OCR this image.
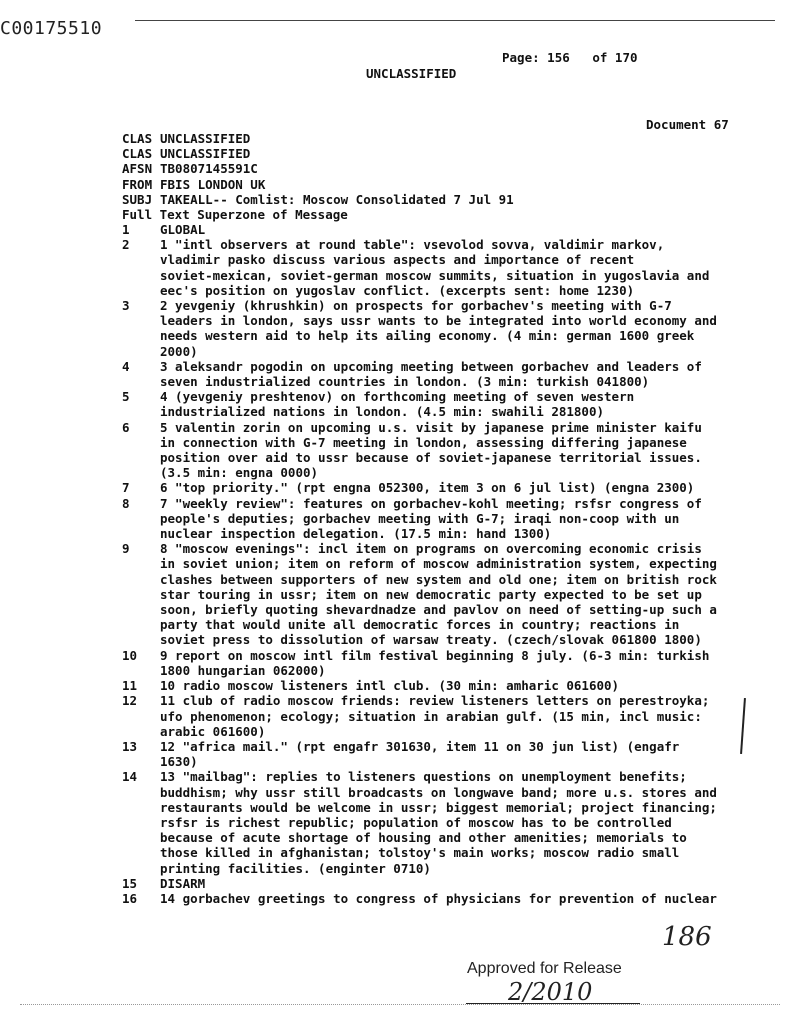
C00175510
Page: 156 of 170
UNCLASSIFIED
Document 67
CLAS UNCLASSIFIED
CLAS UNCLASSIFIED
AFSN TB0807145591C
FROM FBIS LONDON UK
SUBJ TAKEALL-- Comlist: Moscow Consolidated 7 Jul 91
Full Text Superzone of Message
1	GLOBAL
2	1 "intl observers at round table": vsevolod sovva, valdimir markov,
vladimir pasko discuss various aspects and importance of recent
soviet-mexican, soviet-german moscow summits, situation in yugoslavia and
eec's position on yugoslav conflict. (excerpts sent: home 1230)
3	2 yevgeniy (khrushkin) on prospects for gorbachev's meeting with G-7
leaders in london, says ussr wants to be integrated into world economy and
needs western aid to help its ailing economy. (4 min: german 1600 greek
2000)
4	3 aleksandr pogodin on upcoming meeting between gorbachev and leaders of
seven industrialized countries in london. (3 min: turkish 041800)
5	4 (yevgeniy preshtenov) on forthcoming meeting of seven western
industrialized nations in london. (4.5 min: swahili 281800)
6	5 valentin zorin on upcoming u.s. visit by japanese prime minister kaifu
in connection with G-7 meeting in london, assessing differing japanese
position over aid to ussr because of soviet-japanese territorial issues.
(3.5 min: engna 0000)
7	6 "top priority." (rpt engna 052300, item 3 on 6 jul list) (engna 2300)
8	7 "weekly review": features on gorbachev-kohl meeting; rsfsr congress of
people's deputies; gorbachev meeting with G-7; iraqi non-coop with un
nuclear inspection delegation. (17.5 min: hand 1300)
9	8 "moscow evenings": incl item on programs on overcoming economic crisis
in soviet union; item on reform of moscow administration system, expecting
clashes between supporters of new system and old one; item on british rock
star touring in ussr; item on new democratic party expected to be set up
soon, briefly quoting shevardnadze and pavlov on need of setting-up such a
party that would unite all democratic forces in country; reactions in
soviet press to dissolution of warsaw treaty. (czech/slovak 061800 1800)
10	9 report on moscow intl film festival beginning 8 july. (6-3 min: turkish
1800 hungarian 062000)
11	10 radio moscow listeners intl club. (30 min: amharic 061600)
12	11 club of radio moscow friends: review listeners letters on perestroyka;
ufo phenomenon; ecology; situation in arabian gulf. (15 min, incl music:
arabic 061600)
13	12 "africa mail." (rpt engafr 301630, item 11 on 30 jun list) (engafr
1630)
14	13 "mailbag": replies to listeners questions on unemployment benefits;
buddhism; why ussr still broadcasts on longwave band; more u.s. stores and
restaurants would be welcome in ussr; biggest memorial; project financing;
rsfsr is richest republic; population of moscow has to be controlled
because of acute shortage of housing and other amenities; memorials to
those killed in afghanistan; tolstoy's main works; moscow radio small
printing facilities. (enginter 0710)
15	DISARM
16	14 gorbachev greetings to congress of physicians for prevention of nuclear
186
Approved for Release
2/2010
